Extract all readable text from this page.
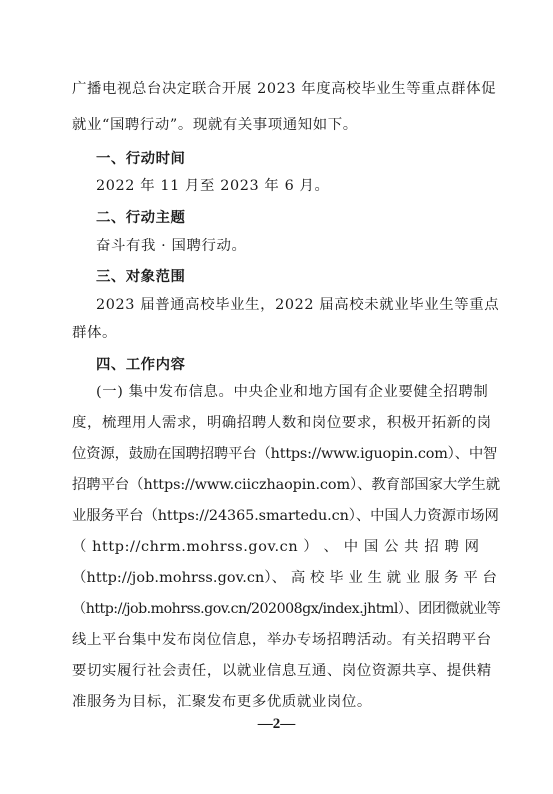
广播电视总台决定联合开展 2023 年度高校毕业生等重点群体促
就业“国聘行动”。现就有关事项通知如下。
一、行动时间
2022 年 11 月至 2023 年 6 月。
二、行动主题
奋斗有我 · 国聘行动。
三、对象范围
2023 届普通高校毕业生，2022 届高校未就业毕业生等重点
群体。
四、工作内容
(一) 集中发布信息。中央企业和地方国有企业要健全招聘制
度，梳理用人需求，明确招聘人数和岗位要求，积极开拓新的岗
位资源，鼓励在国聘招聘平台（https://www.iguopin.com）、中智
招聘平台（https://www.ciiczhaopin.com）、教育部国家大学生就
业服务平台（https://24365.smartedu.cn）、中国人力资源市场网
（ http://chrm.mohrss.gov.cn ） 、 中 国 公 共 招 聘 网
（http://job.mohrss.gov.cn）、 高 校 毕 业 生 就 业 服 务 平 台
（http://job.mohrss.gov.cn/202008gx/index.jhtml）、团团微就业等
线上平台集中发布岗位信息，举办专场招聘活动。有关招聘平台
要切实履行社会责任，以就业信息互通、岗位资源共享、提供精
准服务为目标，汇聚发布更多优质就业岗位。
—2—
